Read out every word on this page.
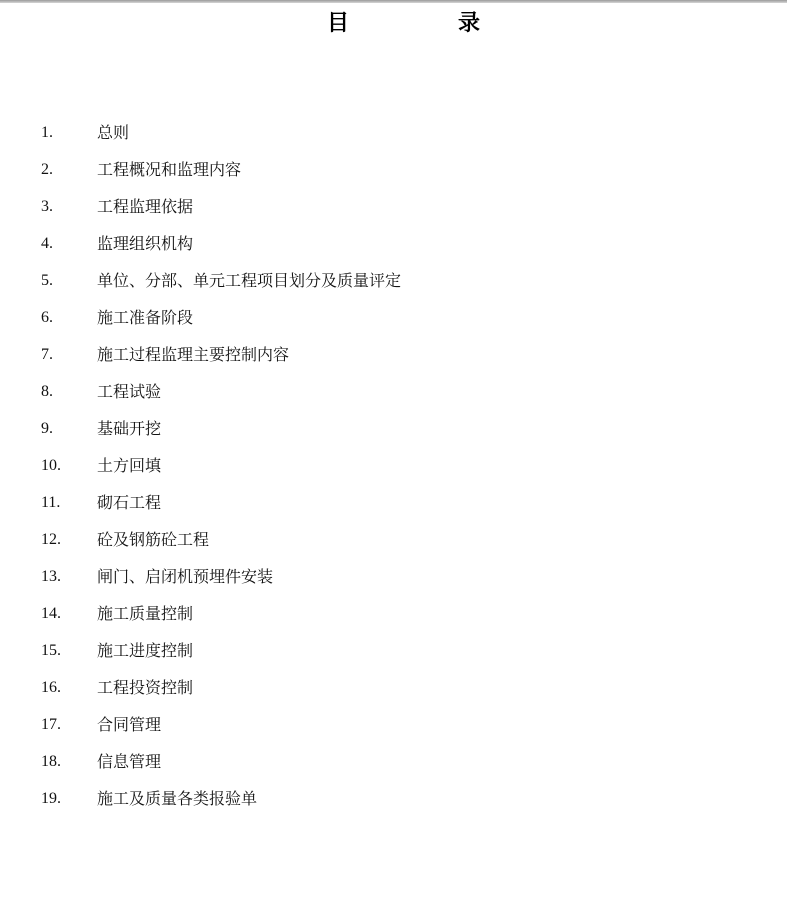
目	录
1.	总则
2.	工程概况和监理内容
3.	工程监理依据
4.	监理组织机构
5.	单位、分部、单元工程项目划分及质量评定
6.	施工准备阶段
7.	施工过程监理主要控制内容
8.	工程试验
9.	基础开挖
10. 土方回填
11. 砌石工程
12. 砼及钢筋砼工程
13. 闸门、启闭机预埋件安装
14. 施工质量控制
15. 施工进度控制
16. 工程投资控制
17. 合同管理
18. 信息管理
19. 施工及质量各类报验单
